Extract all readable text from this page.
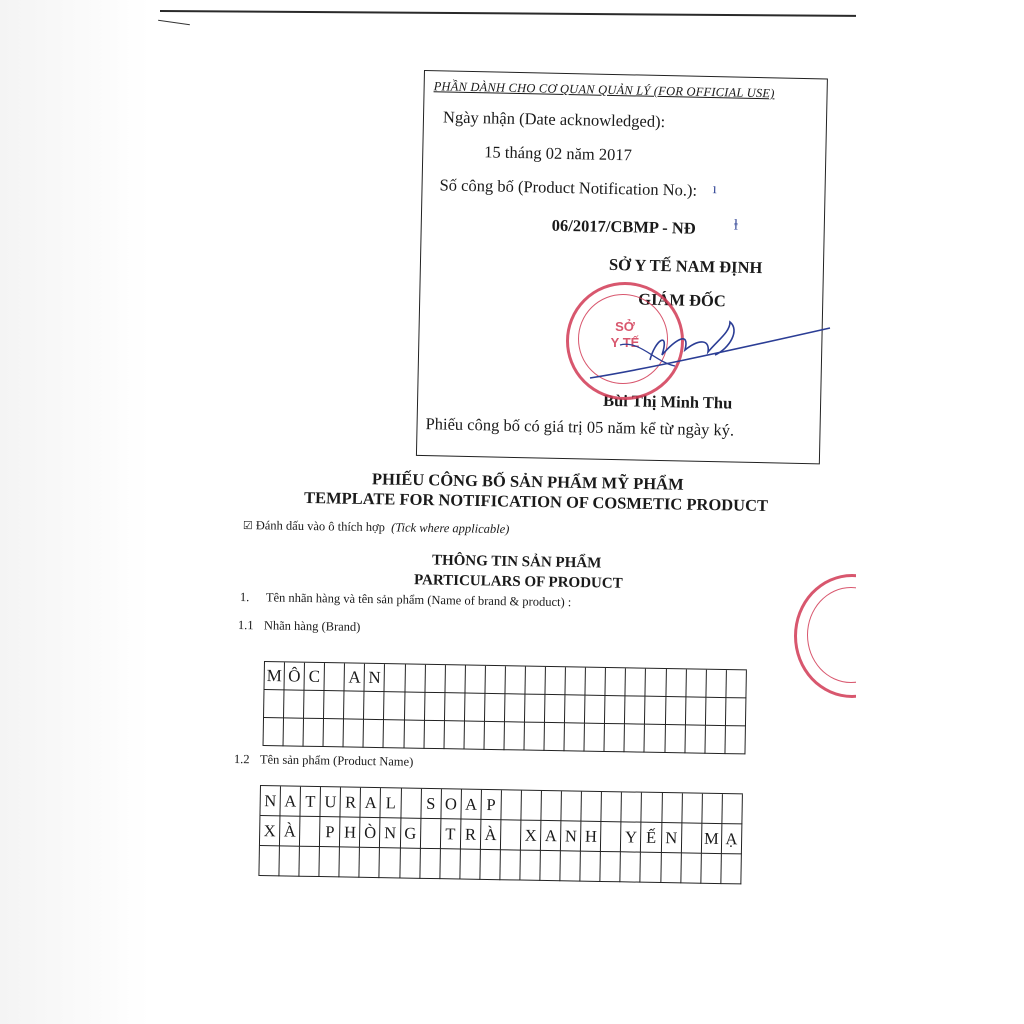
PHẦN DÀNH CHO CƠ QUAN QUẢN LÝ (FOR OFFICIAL USE)
Ngày nhận (Date acknowledged):
15 tháng 02 năm 2017
Số công bố (Product Notification No.): ı
06/2017/CBMP - NĐ	ⱡ
SỞ Y TẾ NAM ĐỊNH
GIÁM ĐỐC
Bùi Thị Minh Thu
Phiếu công bố có giá trị 05 năm kể từ ngày ký.
SỞ
Y TẾ
PHIẾU CÔNG BỐ SẢN PHẨM MỸ PHẨM
TEMPLATE FOR NOTIFICATION OF COSMETIC PRODUCT
☑ Đánh dấu vào ô thích hợp (Tick where applicable)
THÔNG TIN SẢN PHẨM
PARTICULARS OF PRODUCT
1. Tên nhãn hàng và tên sản phẩm (Name of brand & product) :
1.1 Nhãn hàng (Brand)
M Ô C A N
1.2 Tên sản phẩm (Product Name)
N A T U R A L	S O A P
X À	P H Ò N G T R À X A N H Y Ế N M Ạ
